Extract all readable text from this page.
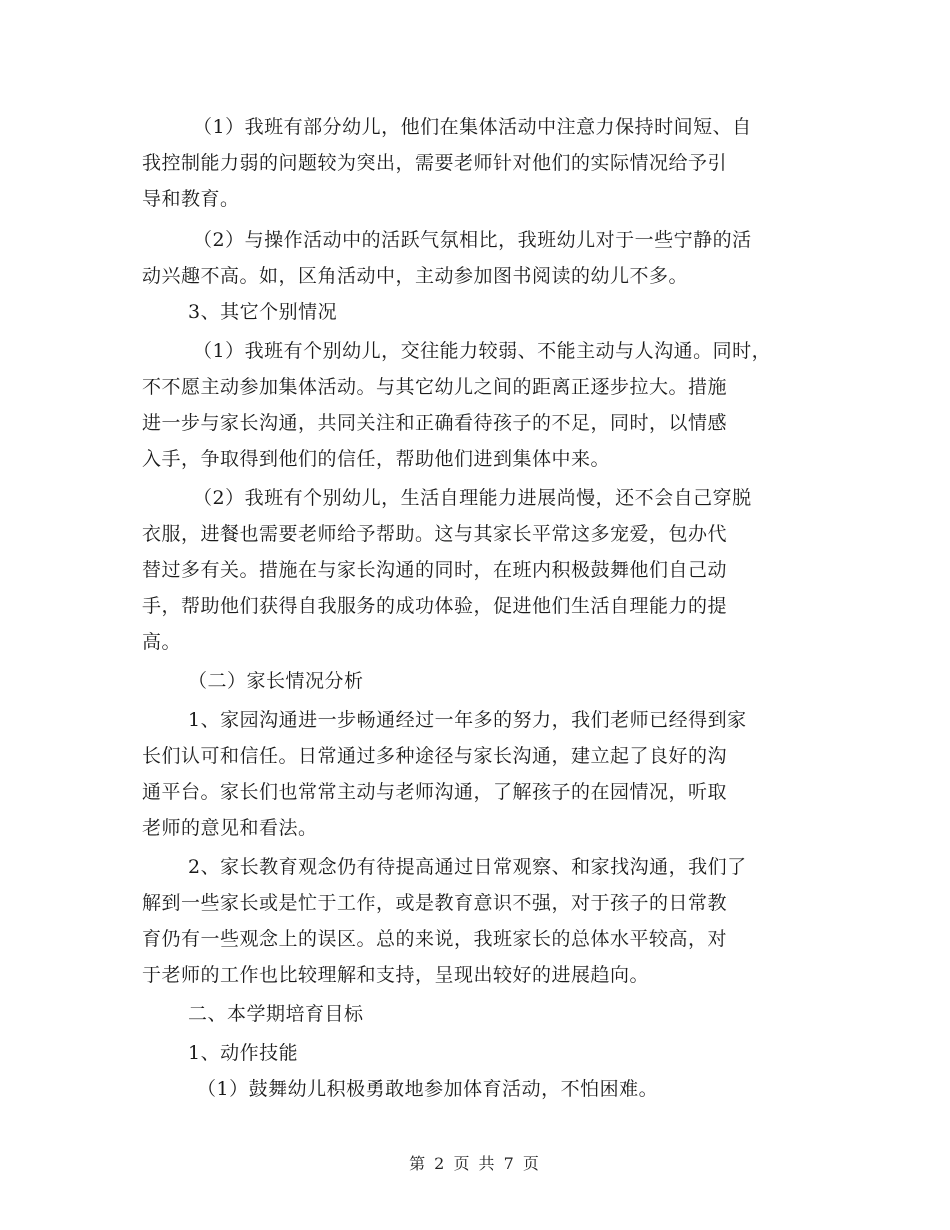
（1）我班有部分幼儿，他们在集体活动中注意力保持时间短、自
我控制能力弱的问题较为突出，需要老师针对他们的实际情况给予引
导和教育。
（2）与操作活动中的活跃气氛相比，我班幼儿对于一些宁静的活
动兴趣不高。如，区角活动中，主动参加图书阅读的幼儿不多。
3、其它个别情况
（1）我班有个别幼儿，交往能力较弱、不能主动与人沟通。同时，
不不愿主动参加集体活动。与其它幼儿之间的距离正逐步拉大。措施
进一步与家长沟通，共同关注和正确看待孩子的不足，同时，以情感
入手，争取得到他们的信任，帮助他们进到集体中来。
（2）我班有个别幼儿，生活自理能力进展尚慢，还不会自己穿脱
衣服，进餐也需要老师给予帮助。这与其家长平常这多宠爱，包办代
替过多有关。措施在与家长沟通的同时，在班内积极鼓舞他们自己动
手，帮助他们获得自我服务的成功体验，促进他们生活自理能力的提
高。
（二）家长情况分析
1、家园沟通进一步畅通经过一年多的努力，我们老师已经得到家
长们认可和信任。日常通过多种途径与家长沟通，建立起了良好的沟
通平台。家长们也常常主动与老师沟通，了解孩子的在园情况，听取
老师的意见和看法。
2、家长教育观念仍有待提高通过日常观察、和家找沟通，我们了
解到一些家长或是忙于工作，或是教育意识不强，对于孩子的日常教
育仍有一些观念上的误区。总的来说，我班家长的总体水平较高，对
于老师的工作也比较理解和支持，呈现出较好的进展趋向。
二、本学期培育目标
1、动作技能
（1）鼓舞幼儿积极勇敢地参加体育活动，不怕困难。
第 2 页 共 7 页
